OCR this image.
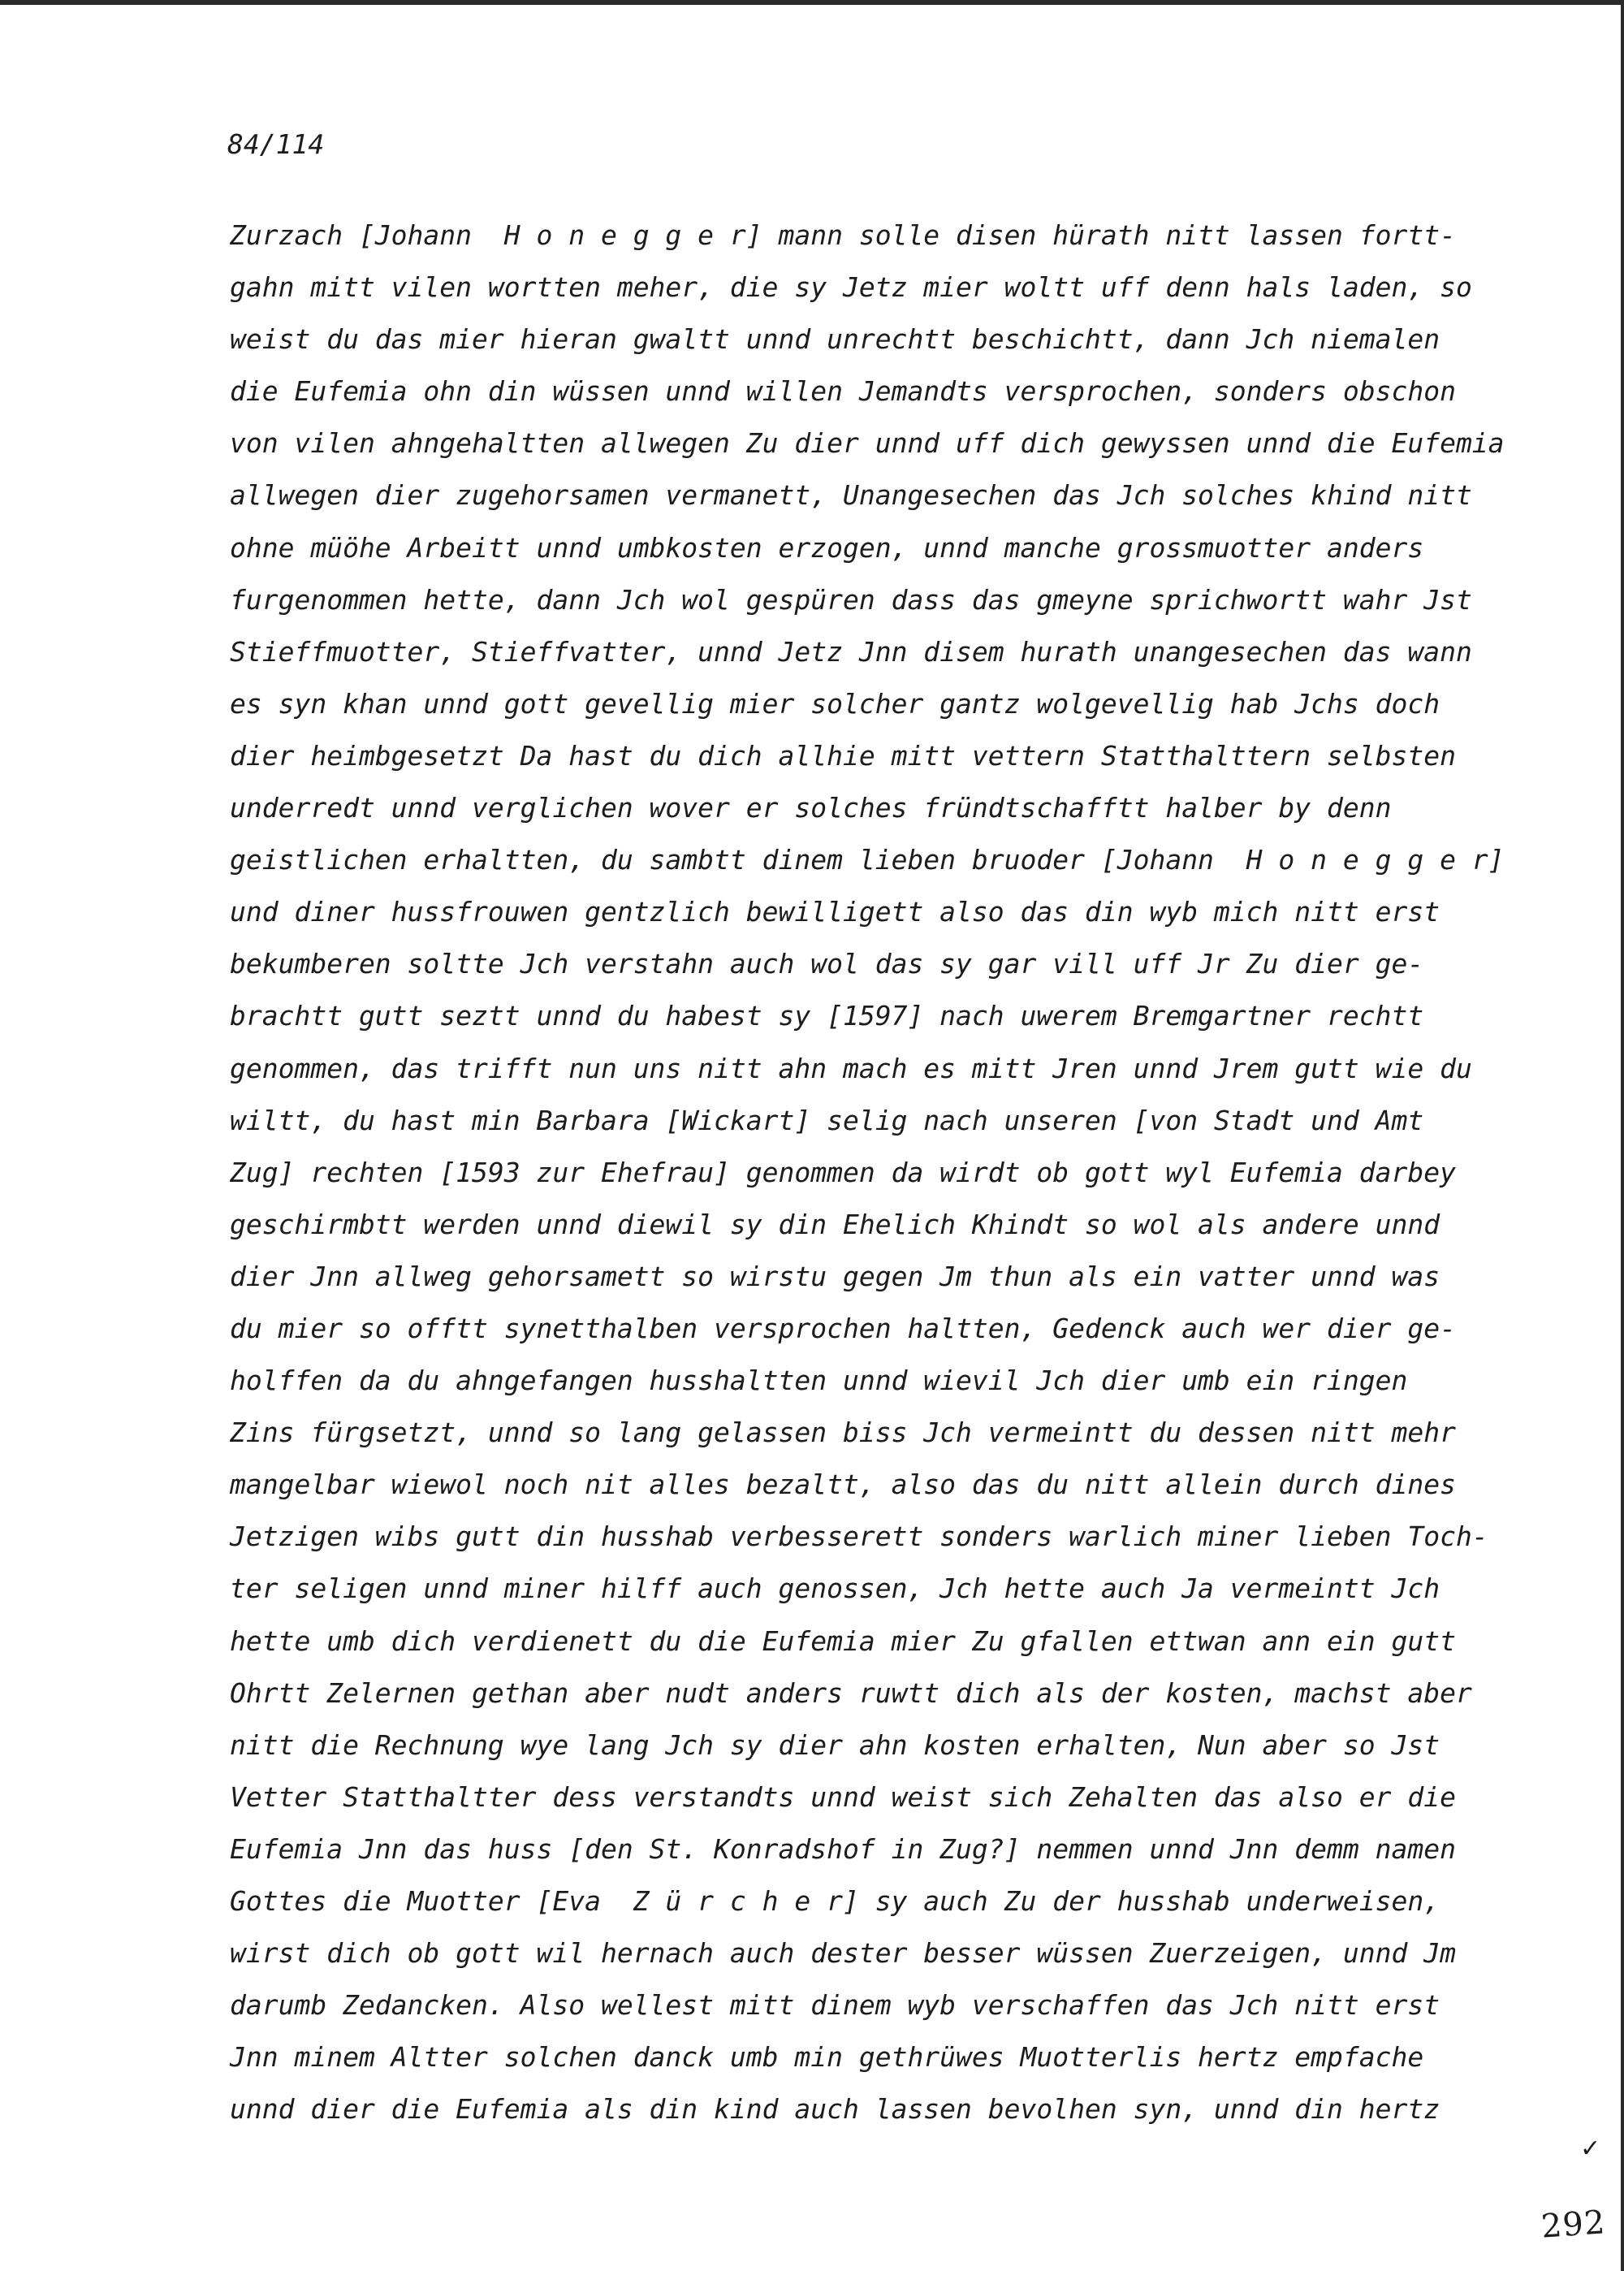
84/114
Zurzach [Johann  H o n e g g e r] mann solle disen hürath nitt lassen fortt-
gahn mitt vilen wortten meher, die sy Jetz mier woltt uff denn hals laden, so
weist du das mier hieran gwaltt unnd unrechtt beschichtt, dann Jch niemalen
die Eufemia ohn din wüssen unnd willen Jemandts versprochen, sonders obschon
von vilen ahngehaltten allwegen Zu dier unnd uff dich gewyssen unnd die Eufemia
allwegen dier zugehorsamen vermanett, Unangesechen das Jch solches khind nitt
ohne müöhe Arbeitt unnd umbkosten erzogen, unnd manche grossmuotter anders
furgenommen hette, dann Jch wol gespüren dass das gmeyne sprichwortt wahr Jst
Stieffmuotter, Stieffvatter, unnd Jetz Jnn disem hurath unangesechen das wann
es syn khan unnd gott gevellig mier solcher gantz wolgevellig hab Jchs doch
dier heimbgesetzt Da hast du dich allhie mitt vettern Statthalttern selbsten
underredt unnd verglichen wover er solches fründtschafftt halber by denn
geistlichen erhaltten, du sambtt dinem lieben bruoder [Johann  H o n e g g e r]
und diner hussfrouwen gentzlich bewilligett also das din wyb mich nitt erst
bekumberen soltte Jch verstahn auch wol das sy gar vill uff Jr Zu dier ge-
brachtt gutt seztt unnd du habest sy [1597] nach uwerem Bremgartner rechtt
genommen, das trifft nun uns nitt ahn mach es mitt Jren unnd Jrem gutt wie du
wiltt, du hast min Barbara [Wickart] selig nach unseren [von Stadt und Amt
Zug] rechten [1593 zur Ehefrau] genommen da wirdt ob gott wyl Eufemia darbey
geschirmbtt werden unnd diewil sy din Ehelich Khindt so wol als andere unnd
dier Jnn allweg gehorsamett so wirstu gegen Jm thun als ein vatter unnd was
du mier so offtt synetthalben versprochen haltten, Gedenck auch wer dier ge-
holffen da du ahngefangen husshaltten unnd wievil Jch dier umb ein ringen
Zins fürgsetzt, unnd so lang gelassen biss Jch vermeintt du dessen nitt mehr
mangelbar wiewol noch nit alles bezaltt, also das du nitt allein durch dines
Jetzigen wibs gutt din husshab verbesserett sonders warlich miner lieben Toch-
ter seligen unnd miner hilff auch genossen, Jch hette auch Ja vermeintt Jch
hette umb dich verdienett du die Eufemia mier Zu gfallen ettwan ann ein gutt
Ohrtt Zelernen gethan aber nudt anders ruwtt dich als der kosten, machst aber
nitt die Rechnung wye lang Jch sy dier ahn kosten erhalten, Nun aber so Jst
Vetter Statthaltter dess verstandts unnd weist sich Zehalten das also er die
Eufemia Jnn das huss [den St. Konradshof in Zug?] nemmen unnd Jnn demm namen
Gottes die Muotter [Eva  Z ü r c h e r] sy auch Zu der husshab underweisen,
wirst dich ob gott wil hernach auch dester besser wüssen Zuerzeigen, unnd Jm
darumb Zedancken. Also wellest mitt dinem wyb verschaffen das Jch nitt erst
Jnn minem Altter solchen danck umb min gethrüwes Muotterlis hertz empfache
unnd dier die Eufemia als din kind auch lassen bevolhen syn, unnd din hertz
✓
292
